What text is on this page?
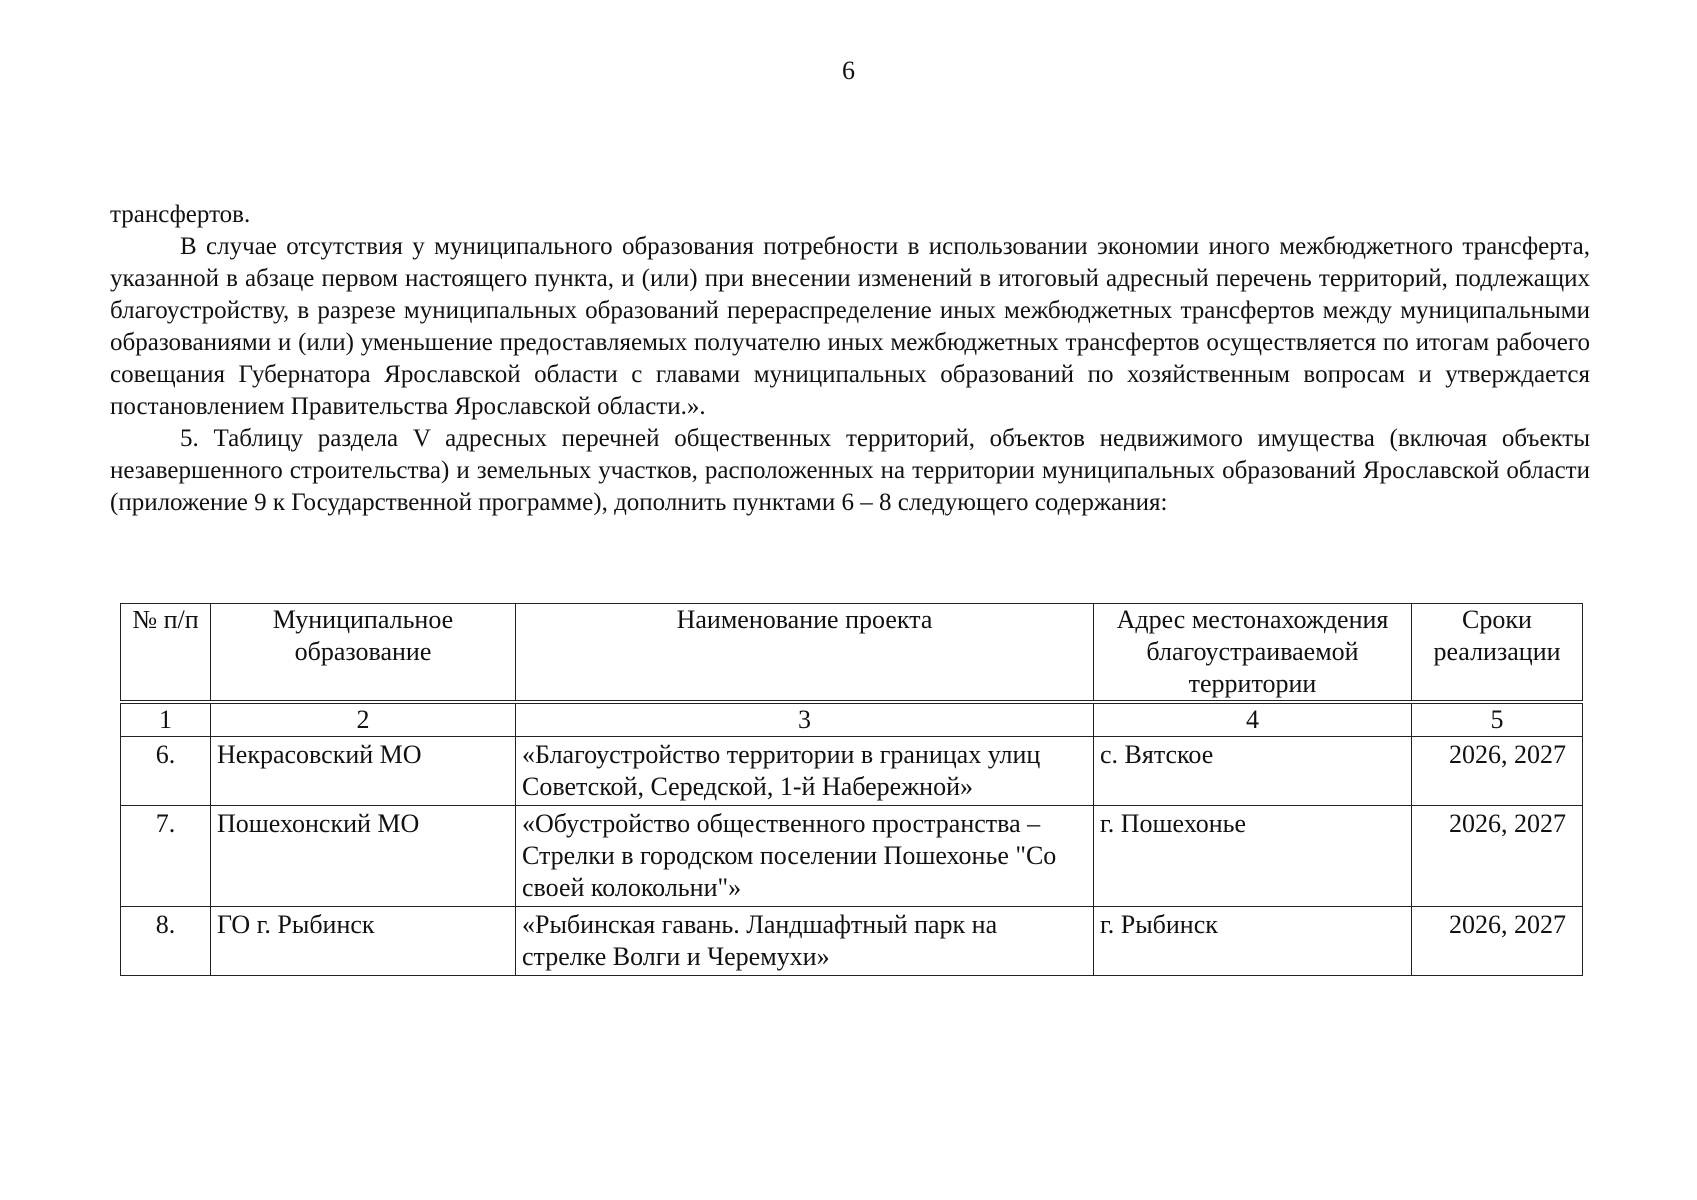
6

трансфертов.

В случае отсутствия у муниципального образования потребности в использовании экономии иного межбюджетного трансферта, указанной в абзаце первом настоящего пункта, и (или) при внесении изменений в итоговый адресный перечень территорий, подлежащих благоустройству, в разрезе муниципальных образований перераспределение иных межбюджетных трансфертов между муниципальными образованиями и (или) уменьшение предоставляемых получателю иных межбюджетных трансфертов осуществляется по итогам рабочего совещания Губернатора Ярославской области с главами муниципальных образований по хозяйственным вопросам и утверждается постановлением Правительства Ярославской области.».

5. Таблицу раздела V адресных перечней общественных территорий, объектов недвижимого имущества (включая объекты незавершенного строительства) и земельных участков, расположенных на территории муниципальных образований Ярославской области (приложение 9 к Государственной программе), дополнить пунктами 6 – 8 следующего содержания:

№ п/п	Муниципальное образование	Наименование проекта	Адрес местонахождения благоустраиваемой территории	Сроки реализации
1	2	3	4	5
6.	Некрасовский МО	«Благоустройство территории в границах улиц Советской, Середской, 1-й Набережной»	с. Вятское	2026, 2027
7.	Пошехонский МО	«Обустройство общественного пространства – Стрелки в городском поселении Пошехонье "Со своей колокольни"»	г. Пошехонье	2026, 2027
8.	ГО г. Рыбинск	«Рыбинская гавань. Ландшафтный парк на стрелке Волги и Черемухи»	г. Рыбинск	2026, 2027
